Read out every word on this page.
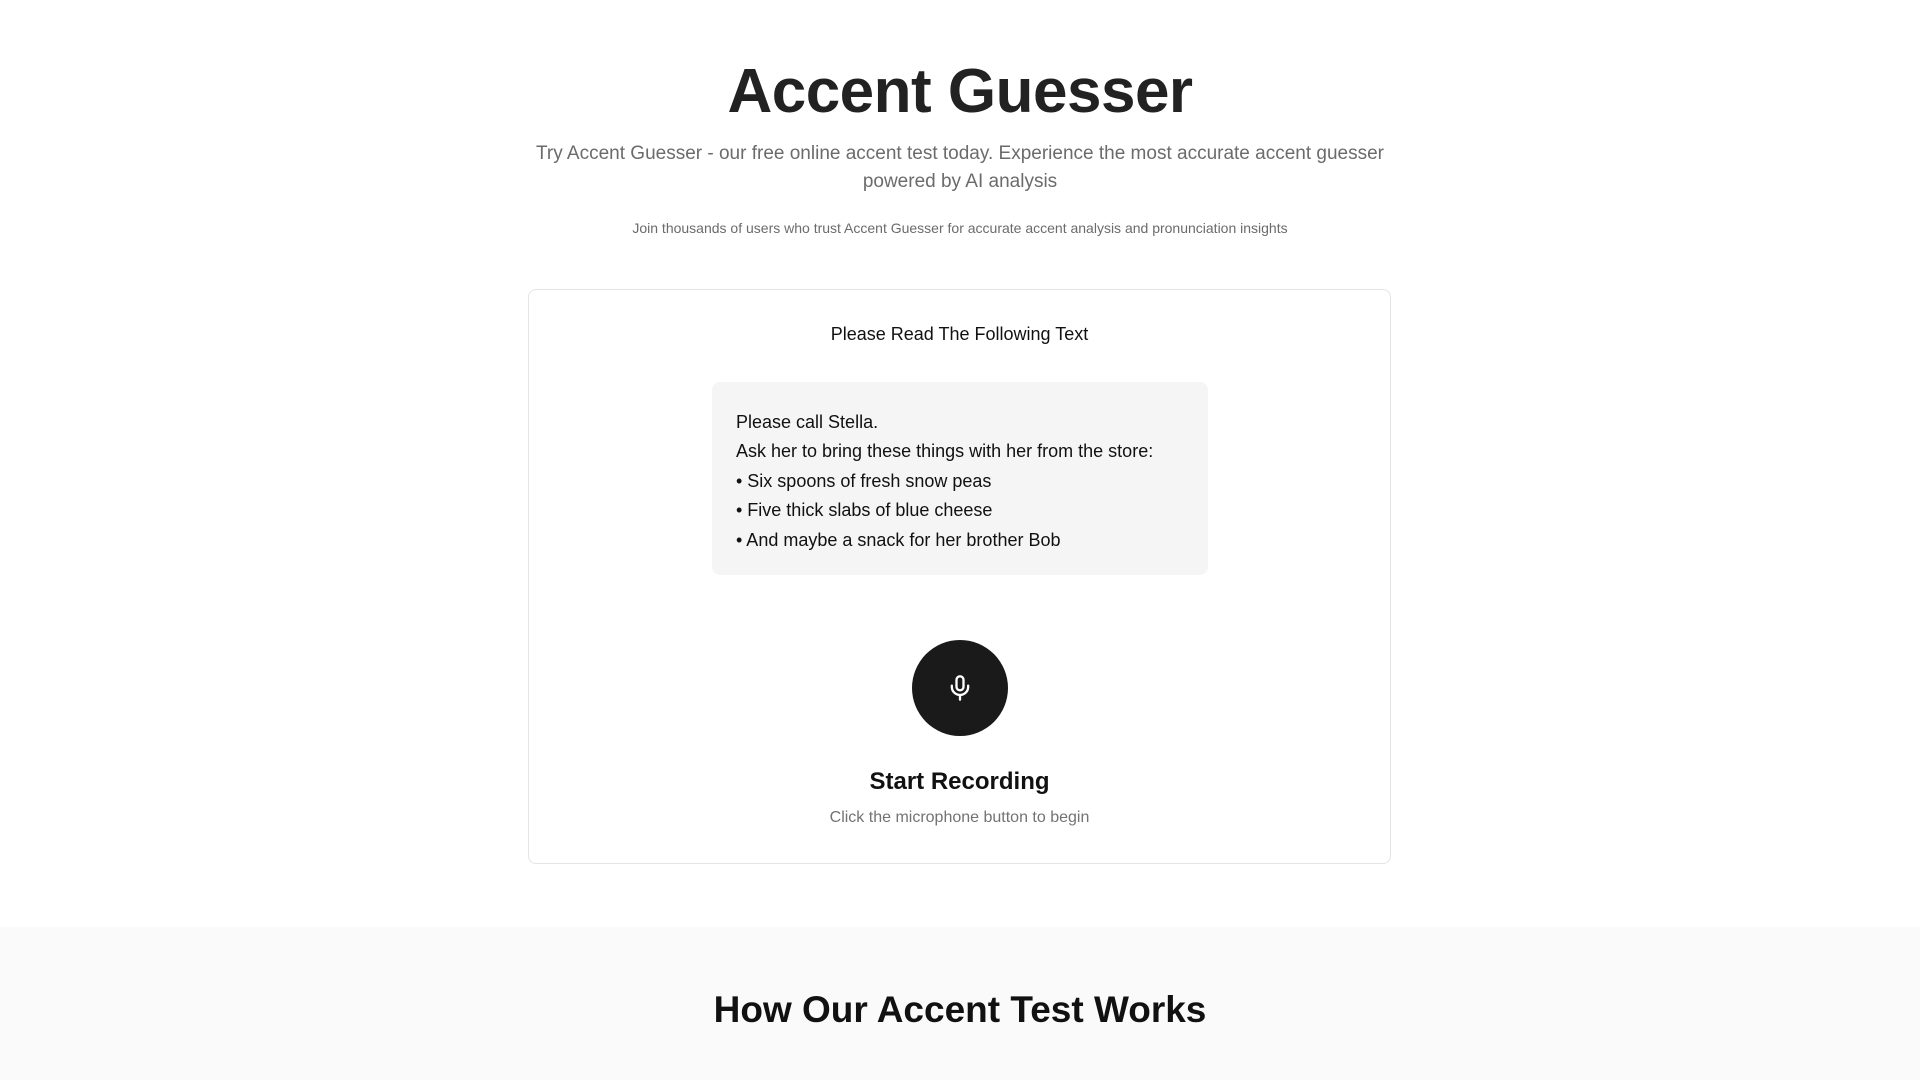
Accent Guesser

Try Accent Guesser - our free online accent test today. Experience the most accurate accent guesser powered by AI analysis

Join thousands of users who trust Accent Guesser for accurate accent analysis and pronunciation insights

Please Read The Following Text
Please call Stella.
Ask her to bring these things with her from the store:
• Six spoons of fresh snow peas
• Five thick slabs of blue cheese
• And maybe a snack for her brother Bob
Start Recording
Click the microphone button to begin
How Our Accent Test Works
